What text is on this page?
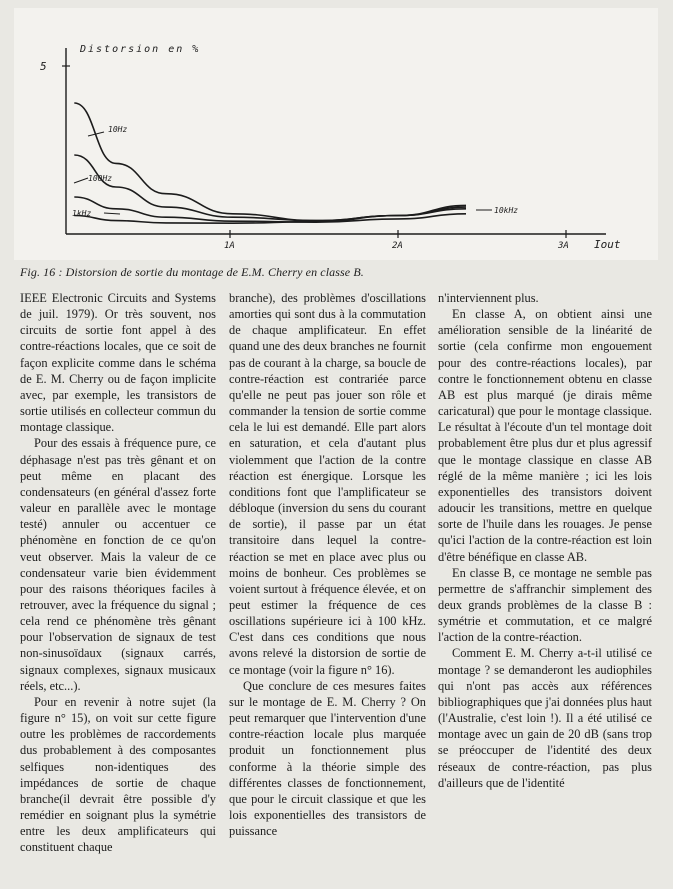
Distorsion en %
5
1A	2A	3A Iout
10Hz
100Hz
1kHz	10kHz
Fig. 16 : Distorsion de sortie du montage de E.M. Cherry en classe B.

IEEE Electronic Circuits and Systems de juil. 1979). Or très souvent, nos circuits de sortie font appel à des contre-réactions locales, que ce soit de façon explicite comme dans le schéma de E. M. Cherry ou de façon implicite avec, par exemple, les transistors de sortie utilisés en collecteur commun du montage classique.

Pour des essais à fréquence pure, ce déphasage n'est pas très gênant et on peut même en placant des condensateurs (en général d'assez forte valeur en parallèle avec le montage testé) annuler ou accentuer ce phénomène en fonction de ce qu'on veut observer. Mais la valeur de ce condensateur varie bien évidemment pour des raisons théoriques faciles à retrouver, avec la fréquence du signal ; cela rend ce phénomène très gênant pour l'observation de signaux de test non-sinusoïdaux (signaux carrés, signaux complexes, signaux musicaux réels, etc...).

Pour en revenir à notre sujet (la figure n° 15), on voit sur cette figure outre les problèmes de raccordements dus probablement à des composantes selfiques non-identiques des impédances de sortie de chaque branche(il devrait être possible d'y remédier en soignant plus la symétrie entre les deux amplificateurs qui constituent chaque

branche), des problèmes d'oscillations amorties qui sont dus à la commutation de chaque amplificateur. En effet quand une des deux branches ne fournit pas de courant à la charge, sa boucle de contre-réaction est contrariée parce qu'elle ne peut pas jouer son rôle et commander la tension de sortie comme cela le lui est demandé. Elle part alors en saturation, et cela d'autant plus violemment que l'action de la contre réaction est énergique. Lorsque les conditions font que l'amplificateur se débloque (inversion du sens du courant de sortie), il passe par un état transitoire dans lequel la contre-réaction se met en place avec plus ou moins de bonheur. Ces problèmes se voient surtout à fréquence élevée, et on peut estimer la fréquence de ces oscillations supérieure ici à 100 kHz. C'est dans ces conditions que nous avons relevé la distorsion de sortie de ce montage (voir la figure n° 16).

Que conclure de ces mesures faites sur le montage de E. M. Cherry ? On peut remarquer que l'intervention d'une contre-réaction locale plus marquée produit un fonctionnement plus conforme à la théorie simple des différentes classes de fonctionnement, que pour le circuit classique et que les lois exponentielles des transistors de puissance

n'interviennent plus.

En classe A, on obtient ainsi une amélioration sensible de la linéarité de sortie (cela confirme mon engouement pour des contre-réactions locales), par contre le fonctionnement obtenu en classe AB est plus marqué (je dirais même caricatural) que pour le montage classique. Le résultat à l'écoute d'un tel montage doit probablement être plus dur et plus agressif que le montage classique en classe AB réglé de la même manière ; ici les lois exponentielles des transistors doivent adoucir les transitions, mettre en quelque sorte de l'huile dans les rouages. Je pense qu'ici l'action de la contre-réaction est loin d'être bénéfique en classe AB.

En classe B, ce montage ne semble pas permettre de s'affranchir simplement des deux grands problèmes de la classe B : symétrie et commutation, et ce malgré l'action de la contre-réaction.

Comment E. M. Cherry a-t-il utilisé ce montage ? se demanderont les audiophiles qui n'ont pas accès aux références bibliographiques que j'ai données plus haut (l'Australie, c'est loin !). Il a été utilisé ce montage avec un gain de 20 dB (sans trop se préoccuper de l'identité des deux réseaux de contre-réaction, pas plus d'ailleurs que de l'identité
